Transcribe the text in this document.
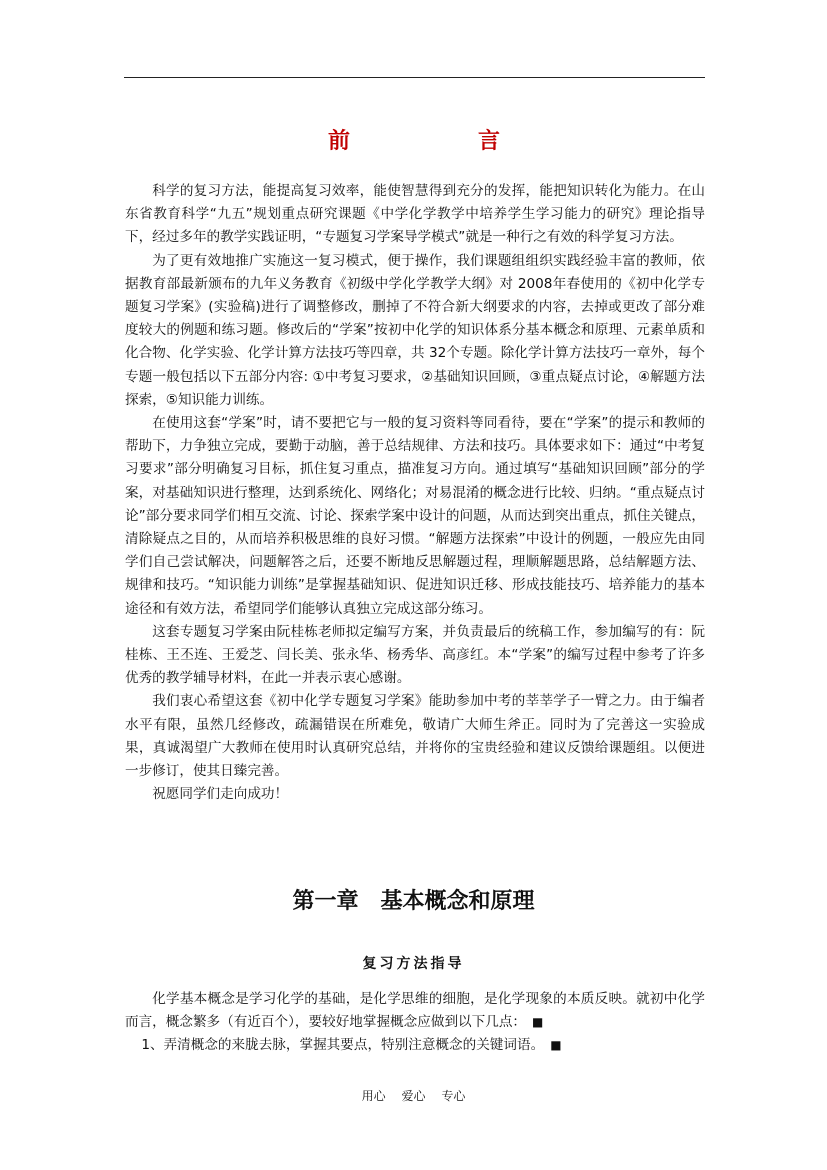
前	言

科学的复习方法，能提高复习效率，能使智慧得到充分的发挥，能把知识转化为能力。在山东省教育科学“九五”规划重点研究课题《中学化学教学中培养学生学习能力的研究》理论指导下，经过多年的教学实践证明，“专题复习学案导学模式”就是一种行之有效的科学复习方法。

为了更有效地推广实施这一复习模式，便于操作，我们课题组组织实践经验丰富的教师，依据教育部最新颁布的九年义务教育《初级中学化学教学大纲》对 2008年春使用的《初中化学专题复习学案》(实验稿)进行了调整修改，删掉了不符合新大纲要求的内容，去掉或更改了部分难度较大的例题和练习题。修改后的“学案”按初中化学的知识体系分基本概念和原理、元素单质和化合物、化学实验、化学计算方法技巧等四章，共 32个专题。除化学计算方法技巧一章外，每个专题一般包括以下五部分内容: ①中考复习要求，②基础知识回顾，③重点疑点讨论，④解题方法探索，⑤知识能力训练。

在使用这套“学案”时，请不要把它与一般的复习资料等同看待，要在“学案”的提示和教师的帮助下，力争独立完成，要勤于动脑，善于总结规律、方法和技巧。具体要求如下：通过“中考复习要求”部分明确复习目标，抓住复习重点，描准复习方向。通过填写“基础知识回顾”部分的学案，对基础知识进行整理，达到系统化、网络化；对易混淆的概念进行比较、归纳。“重点疑点讨论”部分要求同学们相互交流、讨论、探索学案中设计的问题，从而达到突出重点，抓住关键点，清除疑点之目的，从而培养积极思维的良好习惯。“解题方法探索”中设计的例题，一般应先由同学们自己尝试解决，问题解答之后，还要不断地反思解题过程，理顺解题思路，总结解题方法、规律和技巧。“知识能力训练”是掌握基础知识、促进知识迁移、形成技能技巧、培养能力的基本途径和有效方法，希望同学们能够认真独立完成这部分练习。

这套专题复习学案由阮桂栋老师拟定编写方案，并负责最后的统稿工作，参加编写的有：阮桂栋、王丕连、王爱芝、闫长美、张永华、杨秀华、高彦红。本“学案”的编写过程中参考了许多优秀的教学辅导材料，在此一并表示衷心感谢。

我们衷心希望这套《初中化学专题复习学案》能助参加中考的莘莘学子一臂之力。由于编者水平有限，虽然几经修改，疏漏错误在所难免，敬请广大师生斧正。同时为了完善这一实验成果，真诚渴望广大教师在使用时认真研究总结，并将你的宝贵经验和建议反馈给课题组。以便进一步修订，使其日臻完善。

祝愿同学们走向成功！

第一章　基本概念和原理
复习方法指导

化学基本概念是学习化学的基础，是化学思维的细胞，是化学现象的本质反映。就初中化学而言，概念繁多（有近百个），要较好地掌握概念应做到以下几点： ■

1、弄清概念的来胧去脉，掌握其要点，特别注意概念的关键词语。 ■

用心 爱心 专心
